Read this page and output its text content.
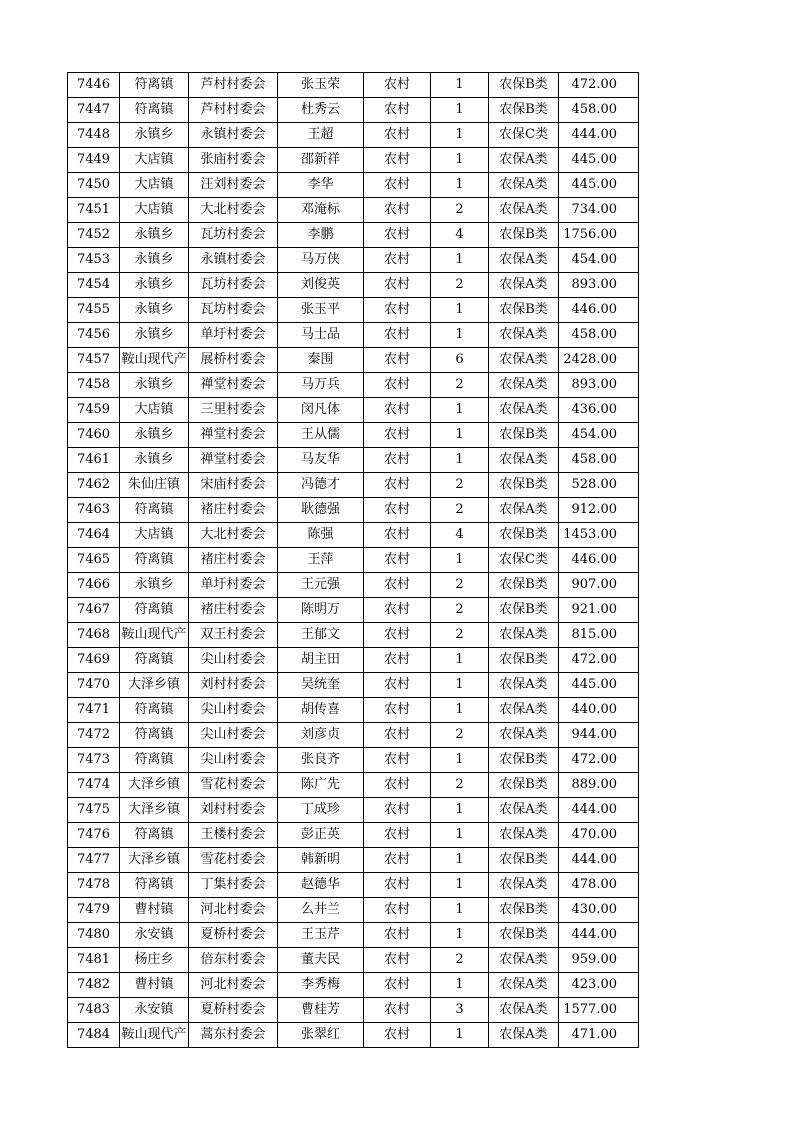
7446	符离镇	芦村村委会	张玉荣	农村	1	农保B类	472.00
7447	符离镇	芦村村委会	杜秀云	农村	1	农保B类	458.00
7448	永镇乡	永镇村委会	王超	农村	1	农保C类	444.00
7449	大店镇	张庙村委会	邵新祥	农村	1	农保A类	445.00
7450	大店镇	汪刘村委会	李华	农村	1	农保A类	445.00
7451	大店镇	大北村委会	邓淹标	农村	2	农保A类	734.00
7452	永镇乡	瓦坊村委会	李鹏	农村	4	农保B类	1756.00
7453	永镇乡	永镇村委会	马万侠	农村	1	农保A类	454.00
7454	永镇乡	瓦坊村委会	刘俊英	农村	2	农保A类	893.00
7455	永镇乡	瓦坊村委会	张玉平	农村	1	农保B类	446.00
7456	永镇乡	单圩村委会	马士品	农村	1	农保A类	458.00
7457	鞍山现代产	展桥村委会	秦围	农村	6	农保A类	2428.00
7458	永镇乡	禅堂村委会	马万兵	农村	2	农保A类	893.00
7459	大店镇	三里村委会	闵凡体	农村	1	农保A类	436.00
7460	永镇乡	禅堂村委会	王从儒	农村	1	农保B类	454.00
7461	永镇乡	禅堂村委会	马友华	农村	1	农保A类	458.00
7462	朱仙庄镇	宋庙村委会	冯德才	农村	2	农保B类	528.00
7463	符离镇	褚庄村委会	耿德强	农村	2	农保A类	912.00
7464	大店镇	大北村委会	陈强	农村	4	农保B类	1453.00
7465	符离镇	褚庄村委会	王萍	农村	1	农保C类	446.00
7466	永镇乡	单圩村委会	王元强	农村	2	农保B类	907.00
7467	符离镇	褚庄村委会	陈明万	农村	2	农保B类	921.00
7468	鞍山现代产	双王村委会	王郁文	农村	2	农保A类	815.00
7469	符离镇	尖山村委会	胡主田	农村	1	农保B类	472.00
7470	大泽乡镇	刘村村委会	吴统奎	农村	1	农保A类	445.00
7471	符离镇	尖山村委会	胡传喜	农村	1	农保A类	440.00
7472	符离镇	尖山村委会	刘彦贞	农村	2	农保A类	944.00
7473	符离镇	尖山村委会	张良齐	农村	1	农保B类	472.00
7474	大泽乡镇	雪花村委会	陈广先	农村	2	农保B类	889.00
7475	大泽乡镇	刘村村委会	丁成珍	农村	1	农保A类	444.00
7476	符离镇	王楼村委会	彭正英	农村	1	农保A类	470.00
7477	大泽乡镇	雪花村委会	韩新明	农村	1	农保B类	444.00
7478	符离镇	丁集村委会	赵德华	农村	1	农保A类	478.00
7479	曹村镇	河北村委会	么井兰	农村	1	农保B类	430.00
7480	永安镇	夏桥村委会	王玉芹	农村	1	农保B类	444.00
7481	杨庄乡	倍东村委会	董夫民	农村	2	农保A类	959.00
7482	曹村镇	河北村委会	李秀梅	农村	1	农保A类	423.00
7483	永安镇	夏桥村委会	曹桂芳	农村	3	农保A类	1577.00
7484	鞍山现代产	蒿东村委会	张翠红	农村	1	农保A类	471.00
